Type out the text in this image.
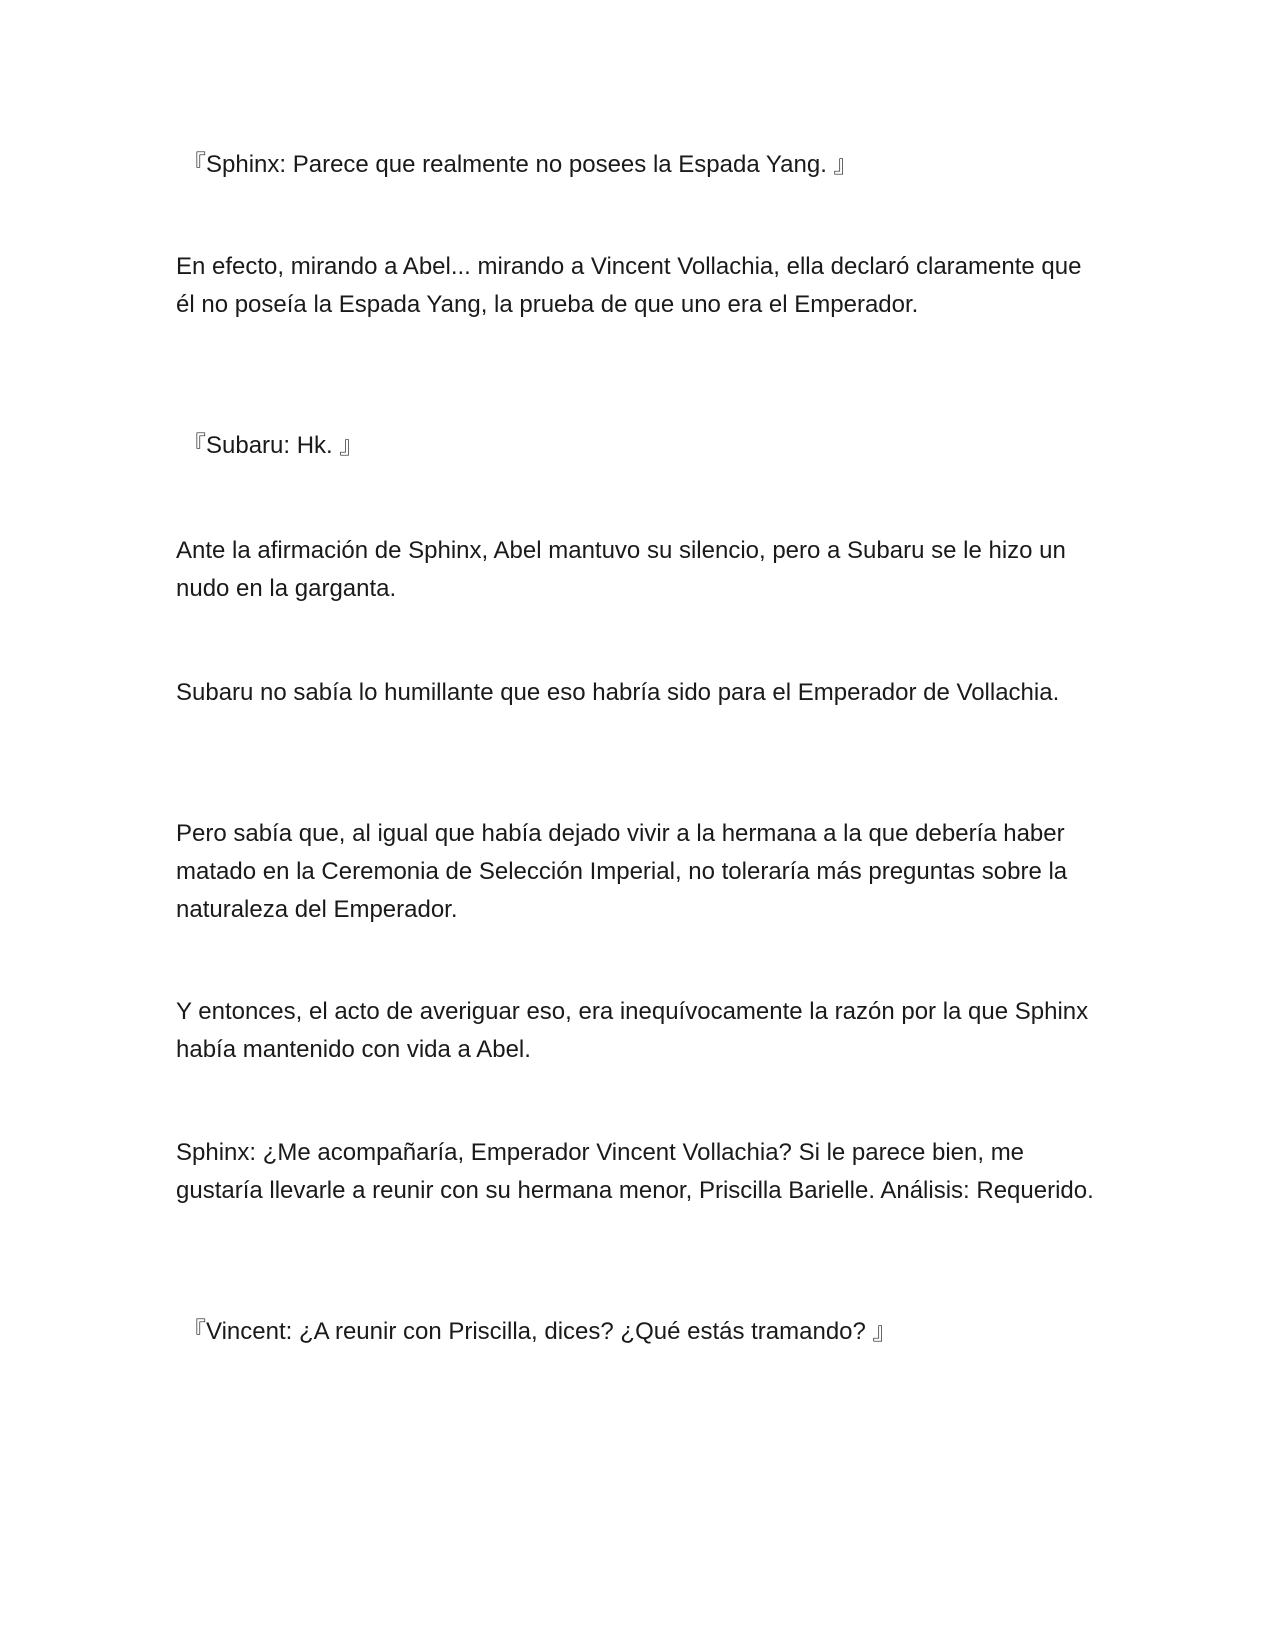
『Sphinx: Parece que realmente no posees la Espada Yang. 』

En efecto, mirando a Abel... mirando a Vincent Vollachia, ella declaró claramente que él no poseía la Espada Yang, la prueba de que uno era el Emperador.

『Subaru: Hk. 』

Ante la afirmación de Sphinx, Abel mantuvo su silencio, pero a Subaru se le hizo un nudo en la garganta.

Subaru no sabía lo humillante que eso habría sido para el Emperador de Vollachia.

Pero sabía que, al igual que había dejado vivir a la hermana a la que debería haber matado en la Ceremonia de Selección Imperial, no toleraría más preguntas sobre la naturaleza del Emperador.

Y entonces, el acto de averiguar eso, era inequívocamente la razón por la que Sphinx había mantenido con vida a Abel.

Sphinx: ¿Me acompañaría, Emperador Vincent Vollachia? Si le parece bien, me gustaría llevarle a reunir con su hermana menor, Priscilla Barielle. Análisis: Requerido.

『Vincent: ¿A reunir con Priscilla, dices? ¿Qué estás tramando? 』
